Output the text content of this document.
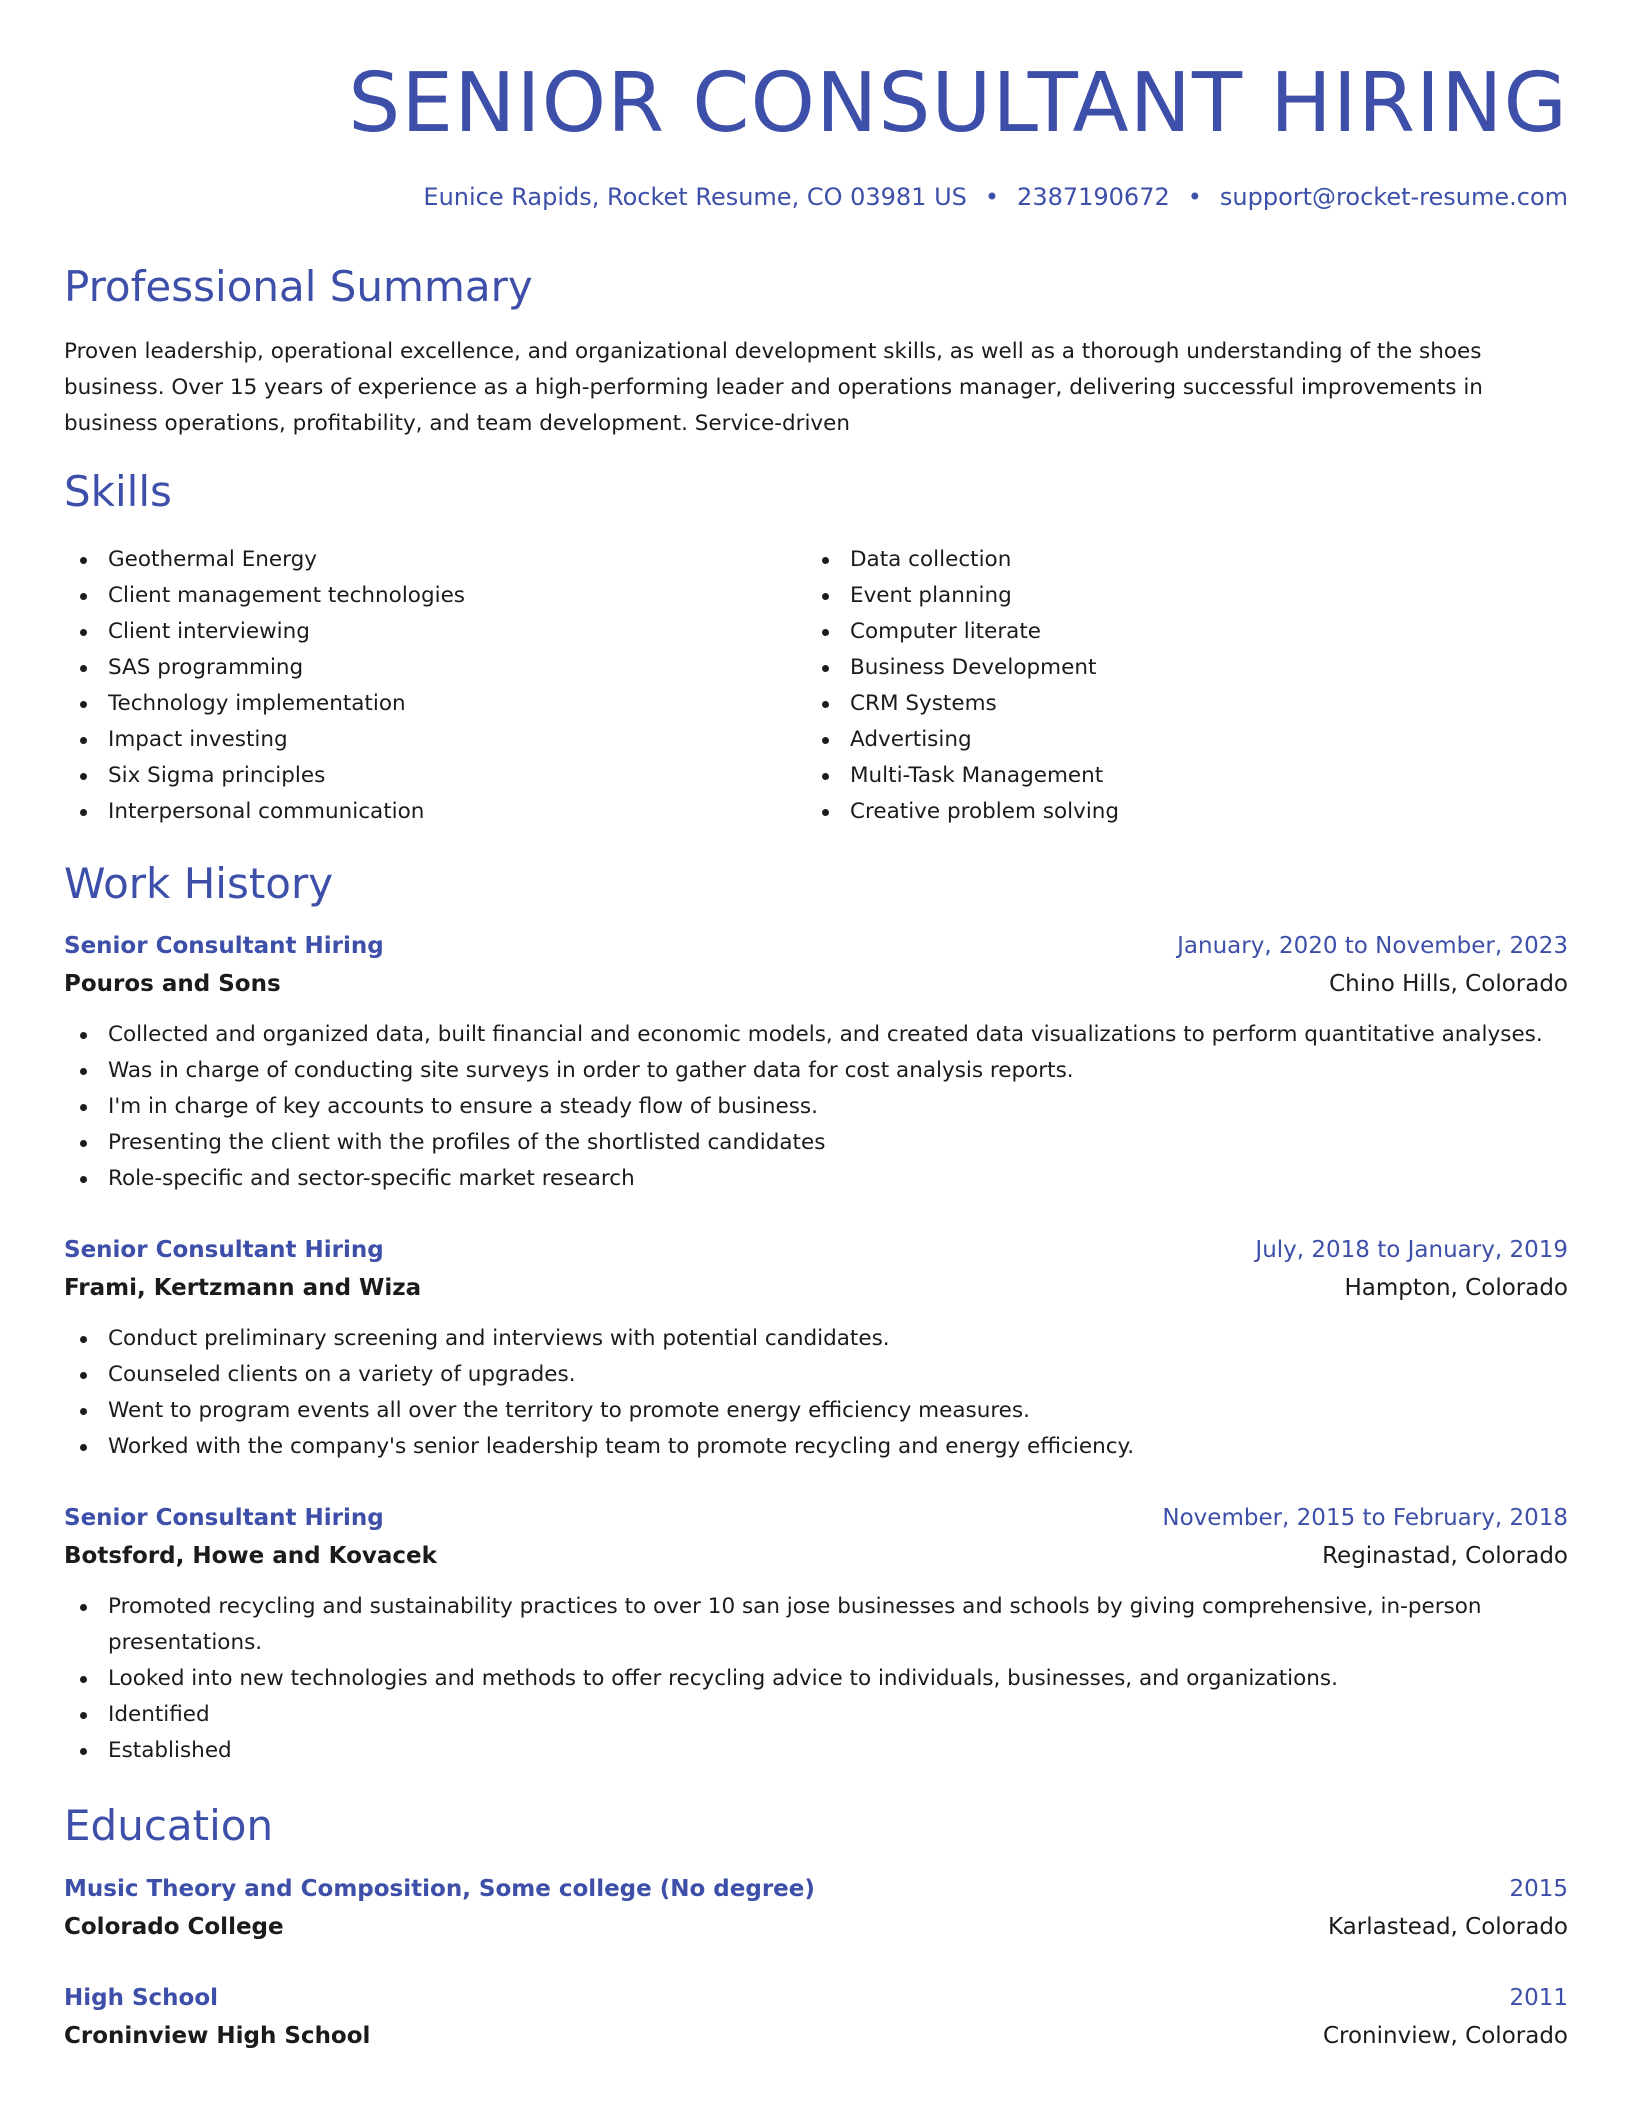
SENIOR CONSULTANT HIRING
Eunice Rapids, Rocket Resume, CO 03981 US • 2387190672 • support@rocket-resume.com
Professional Summary

Proven leadership, operational excellence, and organizational development skills, as well as a thorough understanding of the shoes business. Over 15 years of experience as a high-performing leader and operations manager, delivering successful improvements in business operations, profitability, and team development. Service-driven

Skills
Geothermal Energy
Client management technologies
Client interviewing
SAS programming
Technology implementation
Impact investing
Six Sigma principles
Interpersonal communication
Data collection
Event planning
Computer literate
Business Development
CRM Systems
Advertising
Multi-Task Management
Creative problem solving
Work History
Senior Consultant Hiring	January, 2020 to November, 2023
Pouros and Sons	Chino Hills, Colorado
Collected and organized data, built financial and economic models, and created data visualizations to perform quantitative analyses.
Was in charge of conducting site surveys in order to gather data for cost analysis reports.
I'm in charge of key accounts to ensure a steady flow of business.
Presenting the client with the profiles of the shortlisted candidates
Role-specific and sector-specific market research
Senior Consultant Hiring	July, 2018 to January, 2019
Frami, Kertzmann and Wiza	Hampton, Colorado
Conduct preliminary screening and interviews with potential candidates.
Counseled clients on a variety of upgrades.
Went to program events all over the territory to promote energy efficiency measures.
Worked with the company's senior leadership team to promote recycling and energy efficiency.
Senior Consultant Hiring	November, 2015 to February, 2018
Botsford, Howe and Kovacek	Reginastad, Colorado
Promoted recycling and sustainability practices to over 10 san jose businesses and schools by giving comprehensive, in-person presentations.
Looked into new technologies and methods to offer recycling advice to individuals, businesses, and organizations.
Identified
Established
Education
Music Theory and Composition, Some college (No degree)	2015
Colorado College	Karlastead, Colorado
High School	2011
Croninview High School	Croninview, Colorado
